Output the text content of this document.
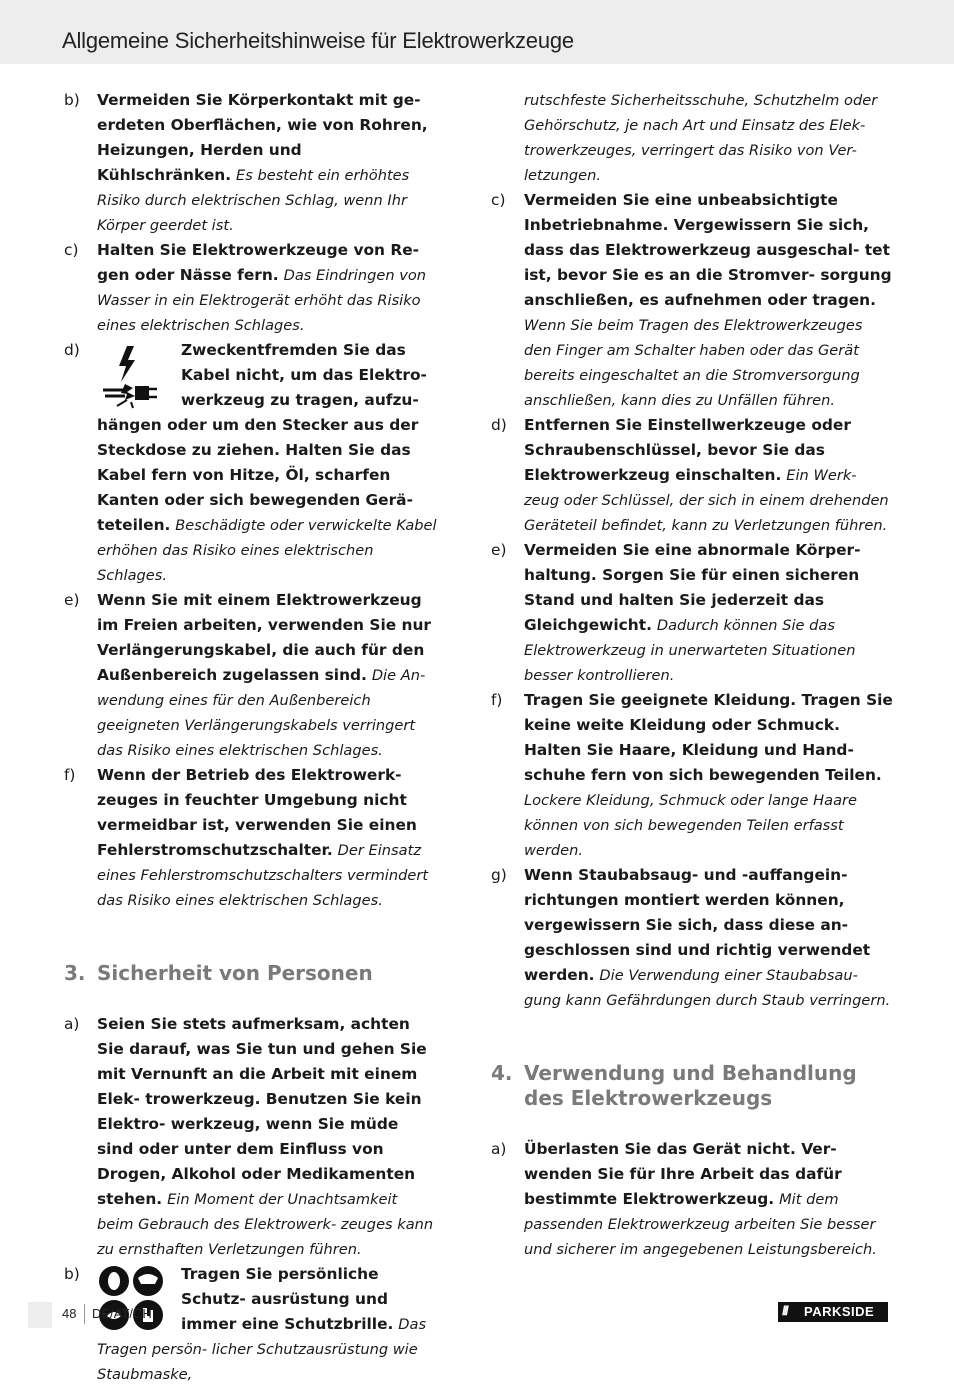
Allgemeine Sicherheitshinweise für Elektrowerkzeuge

b) Vermeiden Sie Körperkontakt mit ge- erdeten Oberflächen, wie von Rohren, Heizungen, Herden und Kühlschränken. Es besteht ein erhöhtes Risiko durch elektrischen Schlag, wenn Ihr Körper geerdet ist.

c) Halten Sie Elektrowerkzeuge von Re- gen oder Nässe fern. Das Eindringen von Wasser in ein Elektrogerät erhöht das Risiko eines elektrischen Schlages.

d)	Zweckentfremden Sie das Kabel nicht, um das Elektro- werkzeug zu tragen, aufzu- hängen oder um den Stecker aus der Steckdose zu ziehen. Halten Sie das Kabel fern von Hitze, Öl, scharfen Kanten oder sich bewegenden Gerä- teteilen. Beschädigte oder verwickelte Kabel erhöhen das Risiko eines elektrischen Schlages.

e) Wenn Sie mit einem Elektrowerkzeug im Freien arbeiten, verwenden Sie nur Verlängerungskabel, die auch für den Außenbereich zugelassen sind. Die An- wendung eines für den Außenbereich geeigneten Verlängerungskabels verringert das Risiko eines elektrischen Schlages.

f) Wenn der Betrieb des Elektrowerk- zeuges in feuchter Umgebung nicht vermeidbar ist, verwenden Sie einen Fehlerstromschutzschalter. Der Einsatz eines Fehlerstromschutzschalters vermindert das Risiko eines elektrischen Schlages.

3. Sicherheit von Personen

a) Seien Sie stets aufmerksam, achten Sie darauf, was Sie tun und gehen Sie mit Vernunft an die Arbeit mit einem Elek- trowerkzeug. Benutzen Sie kein Elektro- werkzeug, wenn Sie müde sind oder unter dem Einfluss von Drogen, Alkohol oder Medikamenten stehen. Ein Moment der Unachtsamkeit beim Gebrauch des Elektrowerk- zeuges kann zu ernsthaften Verletzungen führen.

b)	Tragen Sie persönliche Schutz- ausrüstung und immer eine Schutzbrille. Das Tragen persön- licher Schutzausrüstung wie Staubmaske,

rutschfeste Sicherheitsschuhe, Schutzhelm oder Gehörschutz, je nach Art und Einsatz des Elek- trowerkzeuges, verringert das Risiko von Ver- letzungen.

c) Vermeiden Sie eine unbeabsichtigte Inbetriebnahme. Vergewissern Sie sich, dass das Elektrowerkzeug ausgeschal- tet ist, bevor Sie es an die Stromver- sorgung anschließen, es aufnehmen oder tragen. Wenn Sie beim Tragen des Elektrowerkzeuges den Finger am Schalter haben oder das Gerät bereits eingeschaltet an die Stromversorgung anschließen, kann dies zu Unfällen führen.

d) Entfernen Sie Einstellwerkzeuge oder Schraubenschlüssel, bevor Sie das Elektrowerkzeug einschalten. Ein Werk- zeug oder Schlüssel, der sich in einem drehenden Geräteteil befindet, kann zu Verletzungen führen.

e) Vermeiden Sie eine abnormale Körper- haltung. Sorgen Sie für einen sicheren Stand und halten Sie jederzeit das Gleichgewicht. Dadurch können Sie das Elektrowerkzeug in unerwarteten Situationen besser kontrollieren.

f) Tragen Sie geeignete Kleidung. Tragen Sie keine weite Kleidung oder Schmuck. Halten Sie Haare, Kleidung und Hand- schuhe fern von sich bewegenden Teilen. Lockere Kleidung, Schmuck oder lange Haare können von sich bewegenden Teilen erfasst werden.

g) Wenn Staubabsaug- und -auffangein- richtungen montiert werden können, vergewissern Sie sich, dass diese an- geschlossen sind und richtig verwendet werden. Die Verwendung einer Staubabsau- gung kann Gefährdungen durch Staub verringern.

4. Verwendung und Behandlung des Elektrowerkzeugs

a) Überlasten Sie das Gerät nicht. Ver- wenden Sie für Ihre Arbeit das dafür bestimmte Elektrowerkzeug. Mit dem passenden Elektrowerkzeug arbeiten Sie besser und sicherer im angegebenen Leistungsbereich.

48 DE/AT/CH	/// PARKSIDE
